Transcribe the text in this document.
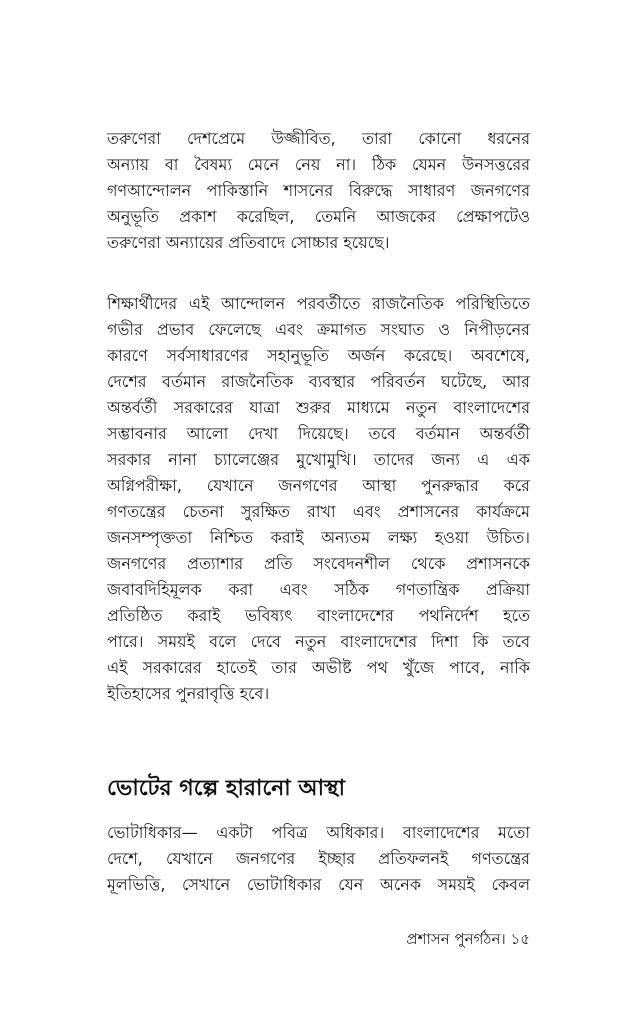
তরুণেরা দেশপ্রেমে উজ্জীবিত, তারা কোনো ধরনের
অন্যায় বা বৈষম্য মেনে নেয় না। ঠিক যেমন উনসত্তরের
গণআন্দোলন পাকিস্তানি শাসনের বিরুদ্ধে সাধারণ জনগণের
অনুভূতি প্রকাশ করেছিল, তেমনি আজকের প্রেক্ষাপটেও
তরুণেরা অন্যায়ের প্রতিবাদে সোচ্চার হয়েছে।

শিক্ষার্থীদের এই আন্দোলন পরবর্তীতে রাজনৈতিক পরিস্থিতিতে
গভীর প্রভাব ফেলেছে এবং ক্রমাগত সংঘাত ও নিপীড়নের
কারণে সর্বসাধারণের সহানুভূতি অর্জন করেছে। অবশেষে,
দেশের বর্তমান রাজনৈতিক ব্যবস্থার পরিবর্তন ঘটেছে, আর
অন্তর্বর্তী সরকারের যাত্রা শুরুর মাধ্যমে নতুন বাংলাদেশের
সম্ভাবনার আলো দেখা দিয়েছে। তবে বর্তমান অন্তর্বর্তী
সরকার নানা চ্যালেঞ্জের মুখোমুখি। তাদের জন্য এ এক
অগ্নিপরীক্ষা, যেখানে জনগণের আস্থা পুনরুদ্ধার করে
গণতন্ত্রের চেতনা সুরক্ষিত রাখা এবং প্রশাসনের কার্যক্রমে
জনসম্পৃক্ততা নিশ্চিত করাই অন্যতম লক্ষ্য হওয়া উচিত।
জনগণের প্রত্যাশার প্রতি সংবেদনশীল থেকে প্রশাসনকে
জবাবদিহিমূলক করা এবং সঠিক গণতান্ত্রিক প্রক্রিয়া
প্রতিষ্ঠিত করাই ভবিষ্যৎ বাংলাদেশের পথনির্দেশ হতে
পারে। সময়ই বলে দেবে নতুন বাংলাদেশের দিশা কি তবে
এই সরকারের হাতেই তার অভীষ্ট পথ খুঁজে পাবে, নাকি
ইতিহাসের পুনরাবৃত্তি হবে।

ভোটের গল্পে হারানো আস্থা

ভোটাধিকার— একটা পবিত্র অধিকার। বাংলাদেশের মতো
দেশে, যেখানে জনগণের ইচ্ছার প্রতিফলনই গণতন্ত্রের
মূলভিত্তি, সেখানে ভোটাধিকার যেন অনেক সময়ই কেবল

প্রশাসন পুনর্গঠন। ১৫
